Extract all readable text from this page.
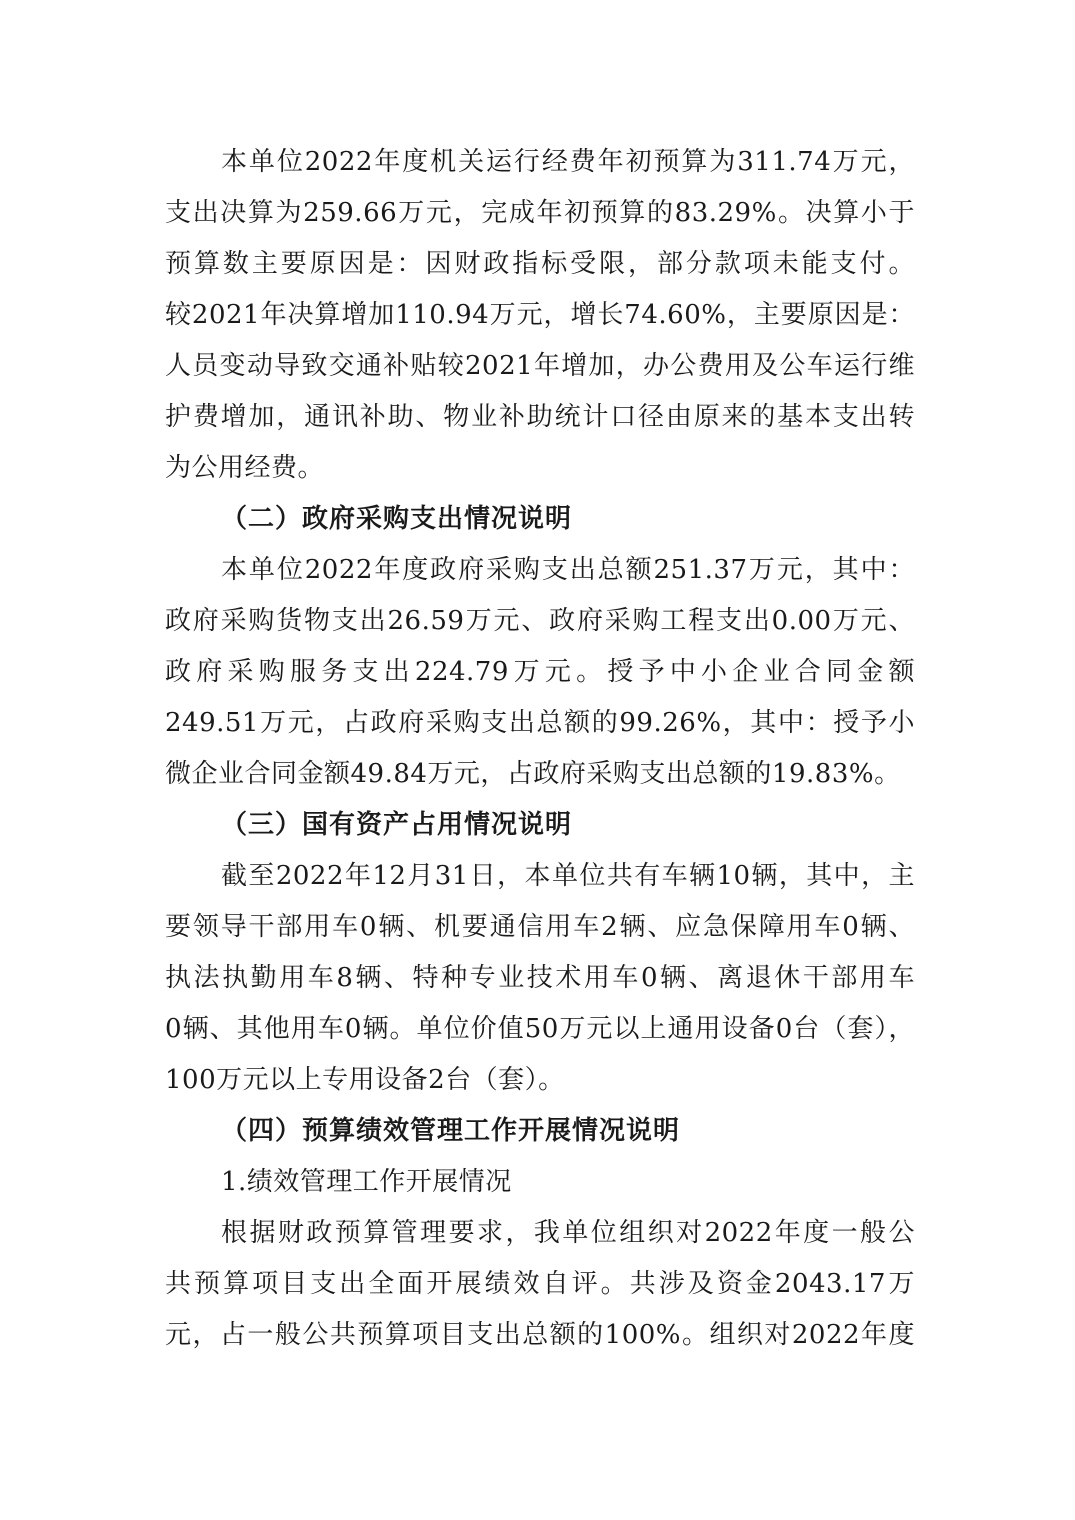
本单位2022年度机关运行经费年初预算为311.74万元，
支出决算为259.66万元，完成年初预算的83.29%。决算小于
预算数主要原因是：因财政指标受限，部分款项未能支付。
较2021年决算增加110.94万元，增长74.60%，主要原因是：
人员变动导致交通补贴较2021年增加，办公费用及公车运行维
护费增加，通讯补助、物业补助统计口径由原来的基本支出转
为公用经费。
（二）政府采购支出情况说明
本单位2022年度政府采购支出总额251.37万元，其中：
政府采购货物支出26.59万元、政府采购工程支出0.00万元、
政府采购服务支出224.79万元。授予中小企业合同金额
249.51万元，占政府采购支出总额的99.26%，其中：授予小
微企业合同金额49.84万元，占政府采购支出总额的19.83%。
（三）国有资产占用情况说明
截至2022年12月31日，本单位共有车辆10辆，其中，主
要领导干部用车0辆、机要通信用车2辆、应急保障用车0辆、
执法执勤用车8辆、特种专业技术用车0辆、离退休干部用车
0辆、其他用车0辆。单位价值50万元以上通用设备0台（套），
100万元以上专用设备2台（套）。
（四）预算绩效管理工作开展情况说明
1.绩效管理工作开展情况
根据财政预算管理要求，我单位组织对2022年度一般公
共预算项目支出全面开展绩效自评。共涉及资金2043.17万
元，占一般公共预算项目支出总额的100%。组织对2022年度
